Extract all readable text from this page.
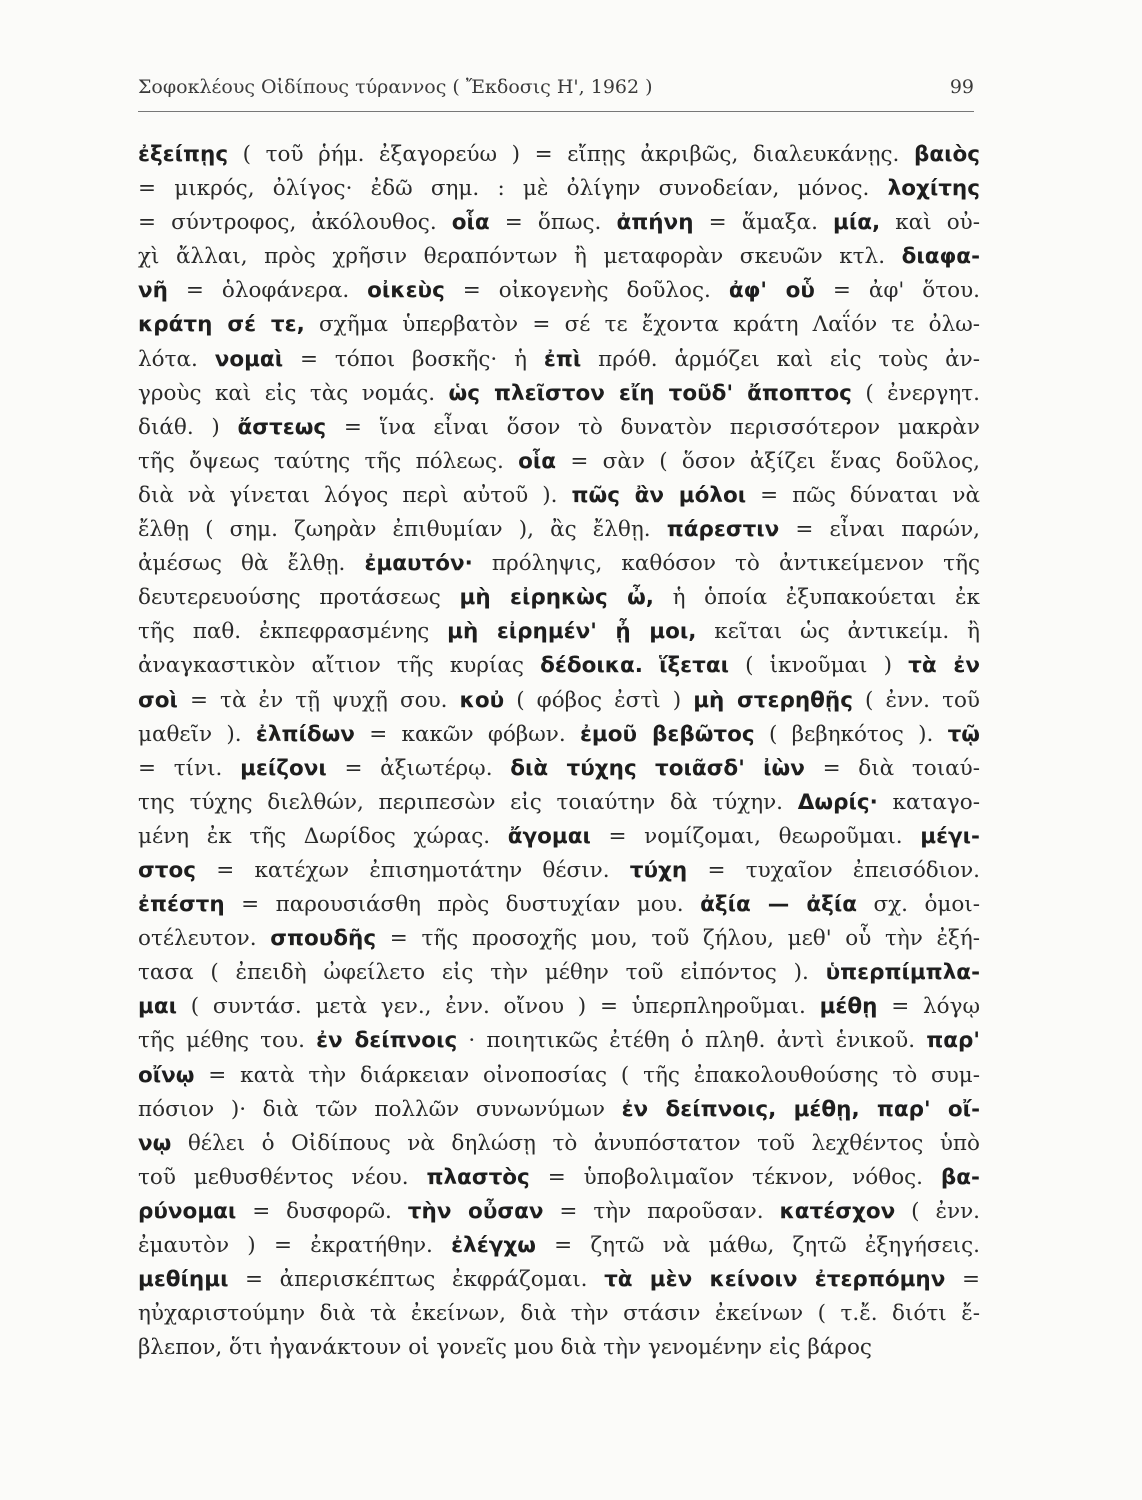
Σοφοκλέους Οἰδίπους τύραννος ( Ἔκδοσις Η', 1962 )	99
ἐξείπῃς ( τοῦ ῥήμ. ἐξαγορεύω ) = εἴπῃς ἀκριβῶς, διαλευκάνῃς. βαιὸς
= μικρός, ὀλίγος· ἐδῶ σημ. : μὲ ὀλίγην συνοδείαν, μόνος. λοχίτης
= σύντροφος, ἀκόλουθος. οἷα = ὅπως. ἀπήνη = ἅμαξα. μία, καὶ οὐ-
χὶ ἄλλαι, πρὸς χρῆσιν θεραπόντων ἢ μεταφορὰν σκευῶν κτλ. διαφα-
νῆ = ὁλοφάνερα. οἰκεὺς = οἰκογενὴς δοῦλος. ἀφ' οὗ = ἀφ' ὅτου.
κράτη σέ τε, σχῆμα ὑπερβατὸν = σέ τε ἔχοντα κράτη Λαΐόν τε ὀλω-
λότα. νομαὶ = τόποι βοσκῆς· ἡ ἐπὶ πρόθ. ἁρμόζει καὶ εἰς τοὺς ἀν-
γροὺς καὶ εἰς τὰς νομάς. ὡς πλεῖστον εἴη τοῦδ' ἄποπτος ( ἐνεργητ.
διάθ. ) ἄστεως = ἵνα εἶναι ὅσον τὸ δυνατὸν περισσότερον μακρὰν
τῆς ὄψεως ταύτης τῆς πόλεως. οἷα = σὰν ( ὅσον ἀξίζει ἕνας δοῦλος,
διὰ νὰ γίνεται λόγος περὶ αὐτοῦ ). πῶς ἂν μόλοι = πῶς δύναται νὰ
ἔλθῃ ( σημ. ζωηρὰν ἐπιθυμίαν ), ἂς ἔλθῃ. πάρεστιν = εἶναι παρών,
ἀμέσως θὰ ἔλθῃ. ἐμαυτόν· πρόληψις, καθόσον τὸ ἀντικείμενον τῆς
δευτερευούσης προτάσεως μὴ εἰρηκὼς ὦ, ἡ ὁποία ἐξυπακούεται ἐκ
τῆς παθ. ἐκπεφρασμένης μὴ εἰρημέν' ᾖ μοι, κεῖται ὡς ἀντικείμ. ἢ
ἀναγκαστικὸν αἴτιον τῆς κυρίας δέδοικα. ἵξεται ( ἱκνοῦμαι ) τὰ ἐν
σοὶ = τὰ ἐν τῇ ψυχῇ σου. κοὐ ( φόβος ἐστὶ ) μὴ στερηθῇς ( ἐνν. τοῦ
μαθεῖν ). ἐλπίδων = κακῶν φόβων. ἐμοῦ βεβῶτος ( βεβηκότος ). τῷ
= τίνι. μείζονι = ἀξιωτέρῳ. διὰ τύχης τοιᾶσδ' ἰὼν = διὰ τοιαύ-
της τύχης διελθών, περιπεσὼν εἰς τοιαύτην δὰ τύχην. Δωρίς· καταγο-
μένη ἐκ τῆς Δωρίδος χώρας. ἄγομαι = νομίζομαι, θεωροῦμαι. μέγι-
στος = κατέχων ἐπισημοτάτην θέσιν. τύχη = τυχαῖον ἐπεισόδιον.
ἐπέστη = παρουσιάσθη πρὸς δυστυχίαν μου. ἀξία — ἀξία σχ. ὁμοι-
οτέλευτον. σπουδῆς = τῆς προσοχῆς μου, τοῦ ζήλου, μεθ' οὗ τὴν ἐξή-
τασα ( ἐπειδὴ ὠφείλετο εἰς τὴν μέθην τοῦ εἰπόντος ). ὑπερπίμπλα-
μαι ( συντάσ. μετὰ γεν., ἐνν. οἴνου ) = ὑπερπληροῦμαι. μέθῃ = λόγῳ
τῆς μέθης του. ἐν δείπνοις · ποιητικῶς ἐτέθη ὁ πληθ. ἀντὶ ἑνικοῦ. παρ'
οἴνῳ = κατὰ τὴν διάρκειαν οἰνοποσίας ( τῆς ἐπακολουθούσης τὸ συμ-
πόσιον )· διὰ τῶν πολλῶν συνωνύμων ἐν δείπνοις, μέθῃ, παρ' οἴ-
νῳ θέλει ὁ Οἰδίπους νὰ δηλώσῃ τὸ ἀνυπόστατον τοῦ λεχθέντος ὑπὸ
τοῦ μεθυσθέντος νέου. πλαστὸς = ὑποβολιμαῖον τέκνον, νόθος. βα-
ρύνομαι = δυσφορῶ. τὴν οὖσαν = τὴν παροῦσαν. κατέσχον ( ἐνν.
ἐμαυτὸν ) = ἐκρατήθην. ἐλέγχω = ζητῶ νὰ μάθω, ζητῶ ἐξηγήσεις.
μεθίημι = ἀπερισκέπτως ἐκφράζομαι. τὰ μὲν κείνοιν ἐτερπόμην =
ηὐχαριστούμην διὰ τὰ ἐκείνων, διὰ τὴν στάσιν ἐκείνων ( τ.ἔ. διότι ἔ-
βλεπον, ὅτι ἠγανάκτουν οἱ γονεῖς μου διὰ τὴν γενομένην εἰς βάρος
